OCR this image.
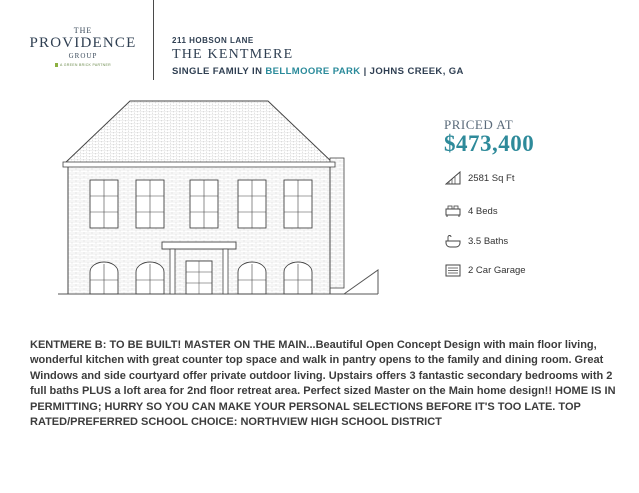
THE
PROVIDENCE
GROUP
A GREEN BRICK PARTNER
211 HOBSON LANE
THE KENTMERE
SINGLE FAMILY IN BELLMOORE PARK | JOHNS CREEK, GA
PRICED AT
$473,400
2581 Sq Ft
4 Beds
3.5 Baths
2 Car Garage
KENTMERE B: TO BE BUILT! MASTER ON THE MAIN...Beautiful Open Concept Design with main floor living, wonderful kitchen with great counter top space and walk in pantry opens to the family and dining room. Great Windows and side courtyard offer private outdoor living. Upstairs offers 3 fantastic secondary bedrooms with 2 full baths PLUS a loft area for 2nd floor retreat area. Perfect sized Master on the Main home design!! HOME IS IN PERMITTING; HURRY SO YOU CAN MAKE YOUR PERSONAL SELECTIONS BEFORE IT'S TOO LATE. TOP RATED/PREFERRED SCHOOL CHOICE: NORTHVIEW HIGH SCHOOL DISTRICT
